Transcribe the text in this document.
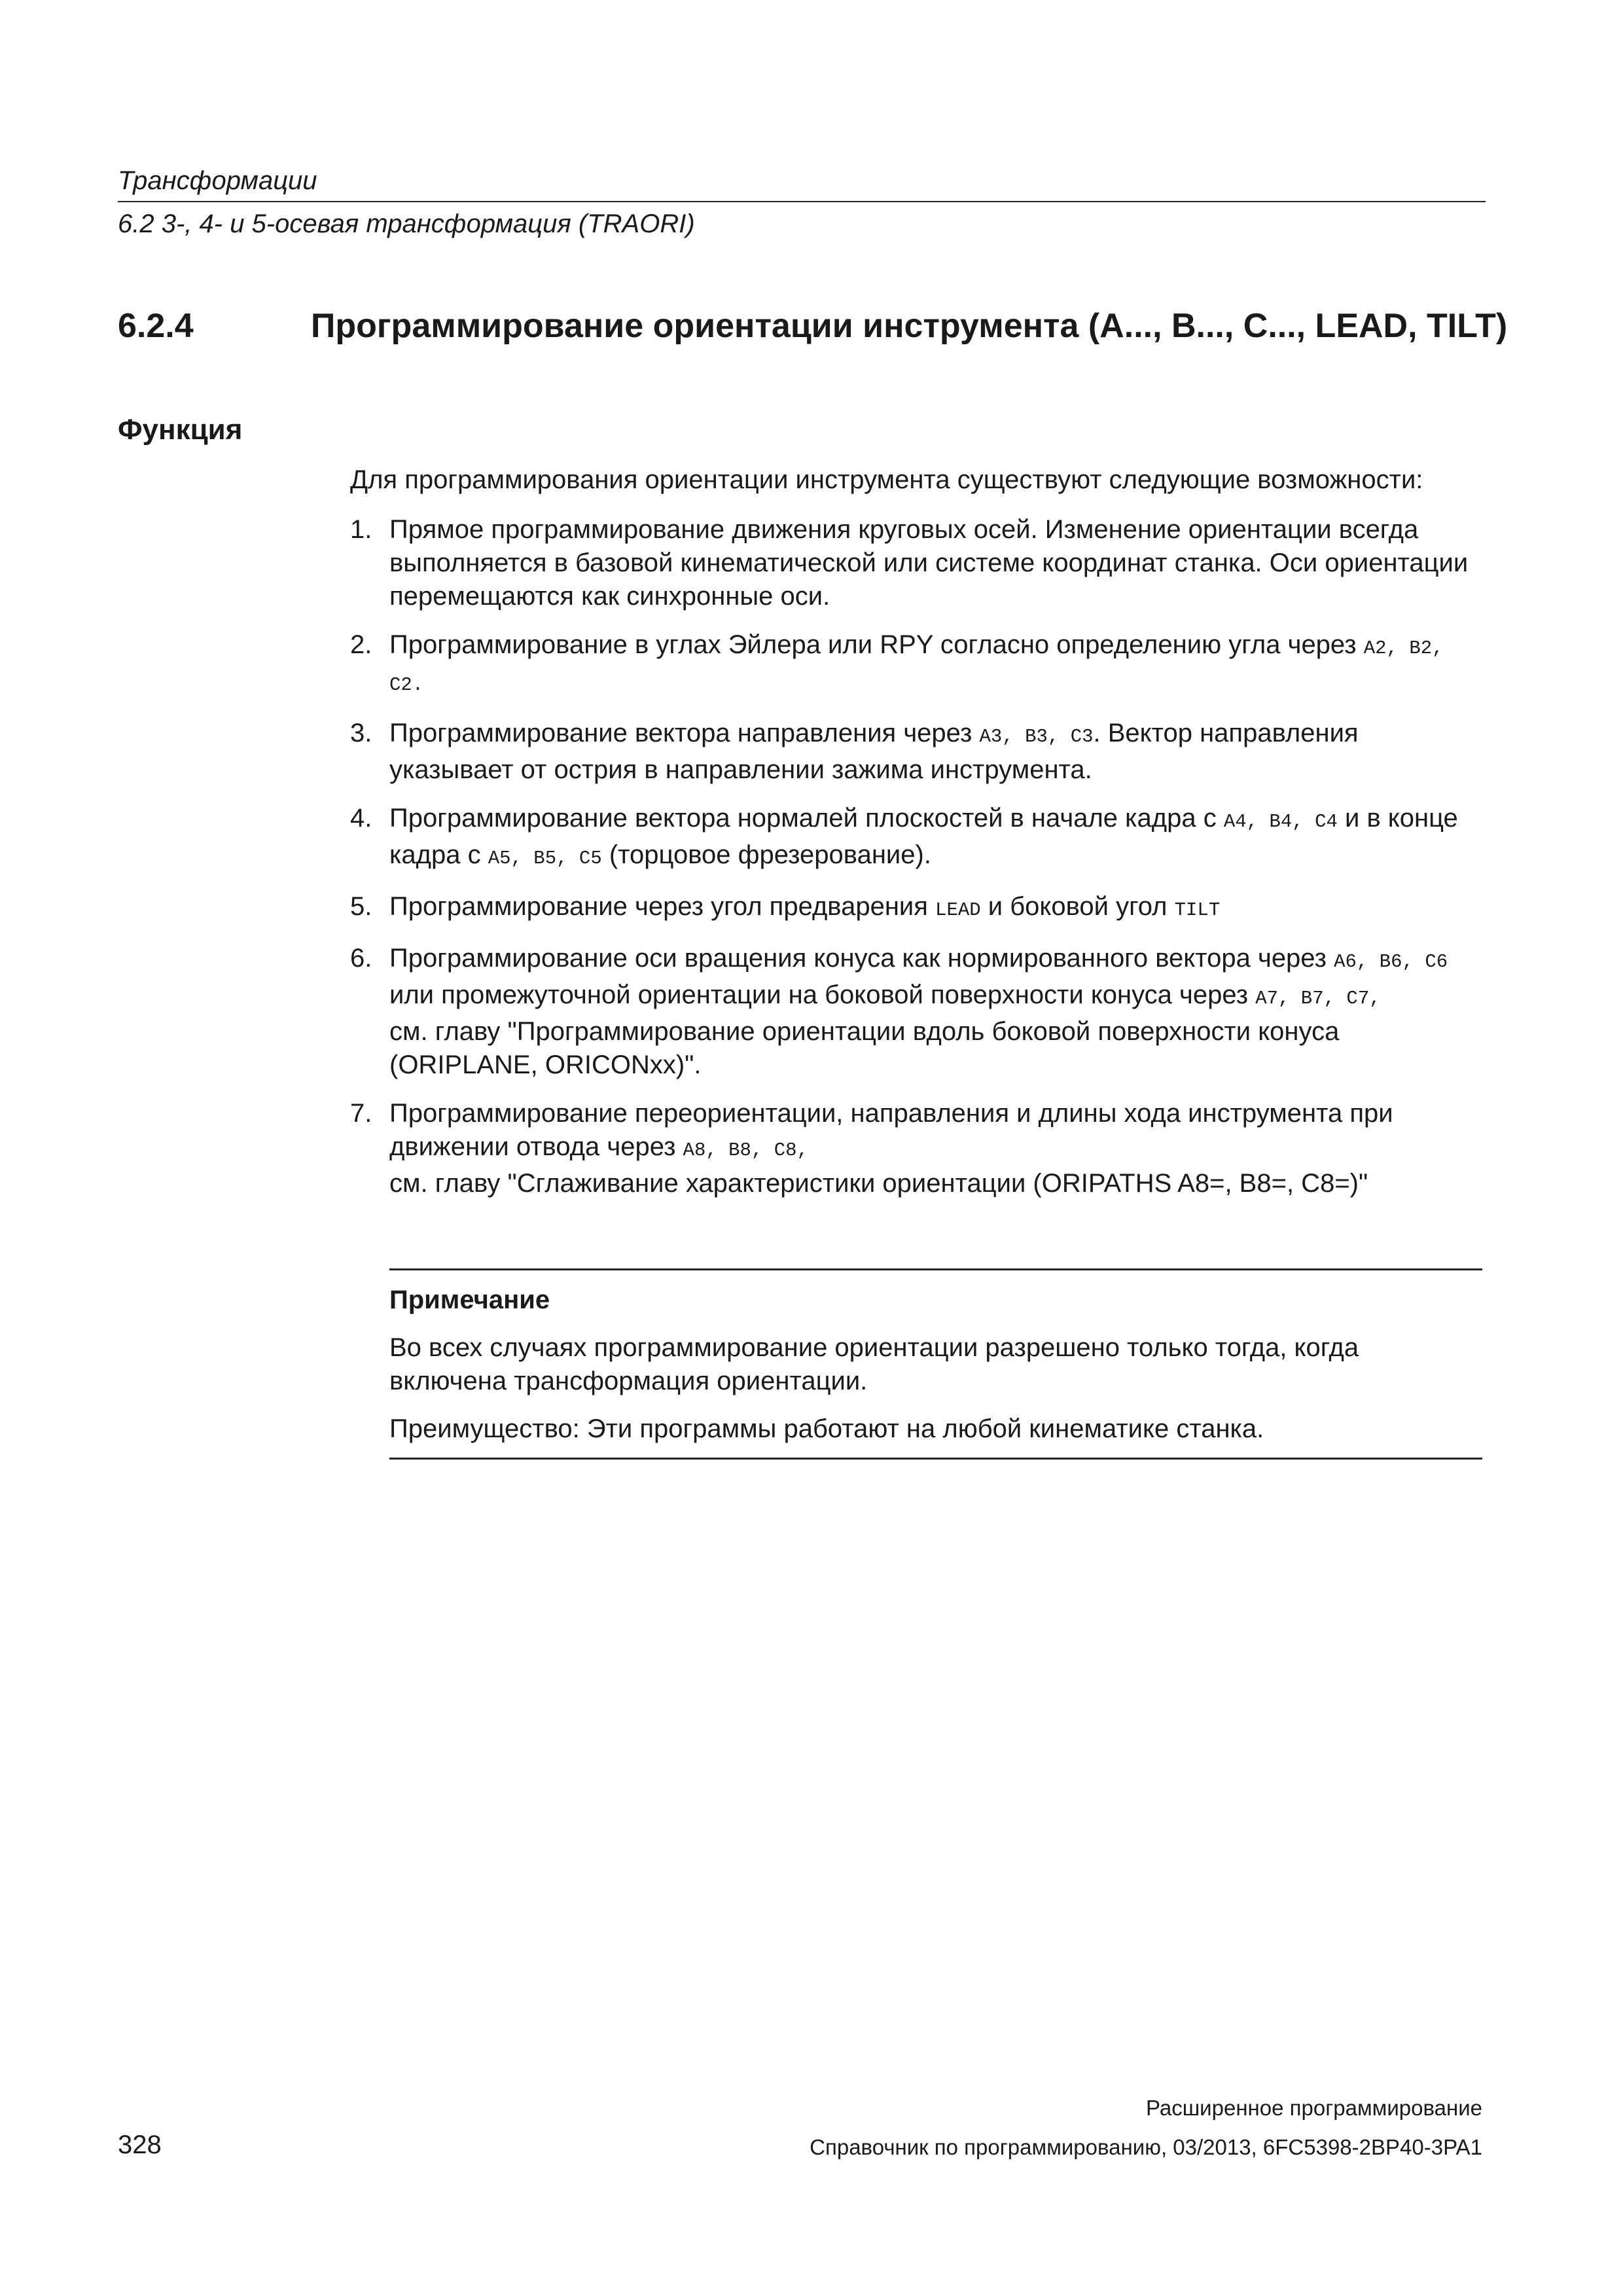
Трансформации
6.2 3-, 4- и 5-осевая трансформация (TRAORI)
6.2.4	Программирование ориентации инструмента (А..., В..., С..., LEAD, TILT)
Функция

Для программирования ориентации инструмента существуют следующие возможности:

1. Прямое программирование движения круговых осей. Изменение ориентации всегда выполняется в базовой кинематической или системе координат станка. Оси ориентации перемещаются как синхронные оси.
2. Программирование в углах Эйлера или RPY согласно определению угла через A2, B2, C2.
3. Программирование вектора направления через A3, B3, C3. Вектор направления указывает от острия в направлении зажима инструмента.
4. Программирование вектора нормалей плоскостей в начале кадра с A4, B4, C4 и в конце кадра с A5, B5, C5 (торцовое фрезерование).
5. Программирование через угол предварения LEAD и боковой угол TILT
6. Программирование оси вращения конуса как нормированного вектора через A6, B6, C6 или промежуточной ориентации на боковой поверхности конуса через A7, B7, C7,
см. главу "Программирование ориентации вдоль боковой поверхности конуса (ORIPLANE, ORICONxx)".
7. Программирование переориентации, направления и длины хода инструмента при движении отвода через A8, B8, C8,
см. главу "Сглаживание характеристики ориентации (ORIPATHS A8=, B8=, C8=)"

Примечание

Во всех случаях программирование ориентации разрешено только тогда, когда включена трансформация ориентации.

Преимущество: Эти программы работают на любой кинематике станка.

Расширенное программирование
328	Справочник по программированию, 03/2013, 6FC5398-2BP40-3PA1
